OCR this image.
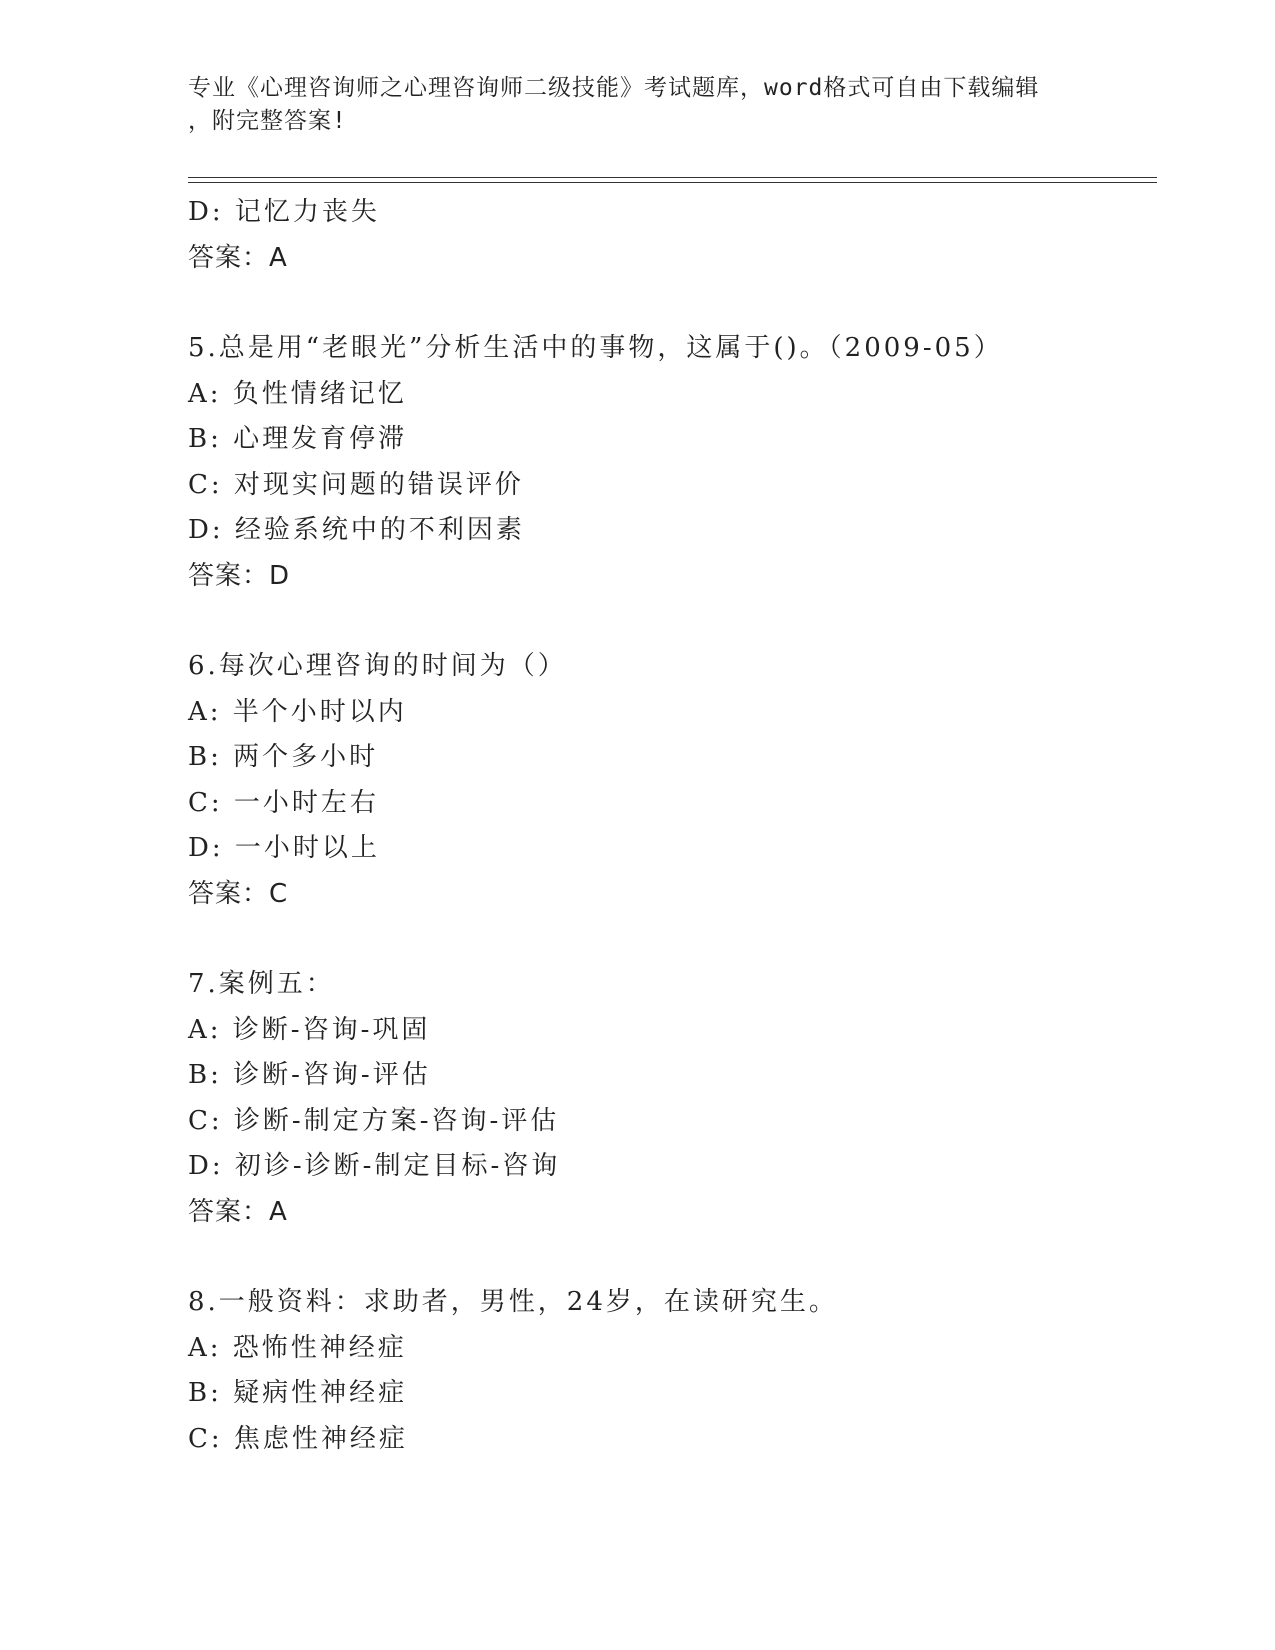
专业《心理咨询师之心理咨询师二级技能》考试题库，word格式可自由下载编辑
，附完整答案!
D: 记忆力丧失
答案：A
5.总是用“老眼光”分析生活中的事物，这属于()。（2009-05）
A: 负性情绪记忆
B: 心理发育停滞
C: 对现实问题的错误评价
D: 经验系统中的不利因素
答案：D
6.每次心理咨询的时间为（）
A: 半个小时以内
B: 两个多小时
C: 一小时左右
D: 一小时以上
答案：C
7.案例五：
A: 诊断-咨询-巩固
B: 诊断-咨询-评估
C: 诊断-制定方案-咨询-评估
D: 初诊-诊断-制定目标-咨询
答案：A
8.一般资料：求助者，男性，24岁，在读研究生。
A: 恐怖性神经症
B: 疑病性神经症
C: 焦虑性神经症
